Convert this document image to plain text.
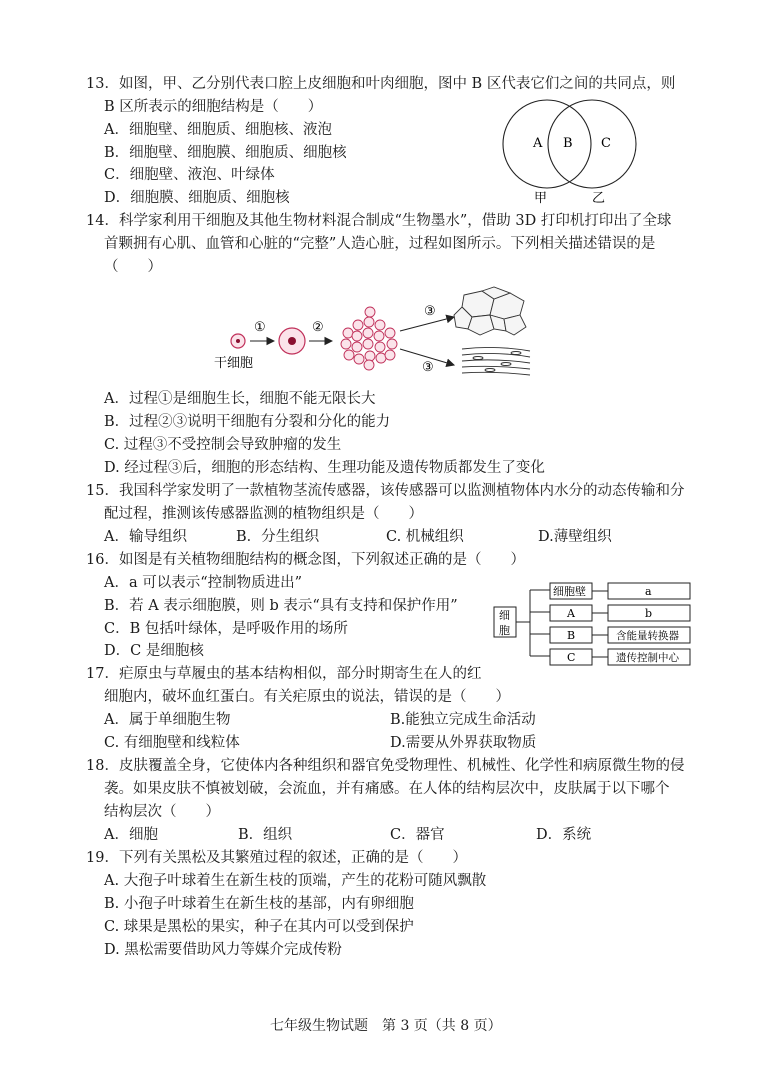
13．如图，甲、乙分别代表口腔上皮细胞和叶肉细胞，图中 B 区代表它们之间的共同点，则
B 区所表示的细胞结构是（　　）
A．细胞壁、细胞质、细胞核、液泡
B．细胞壁、细胞膜、细胞质、细胞核
C．细胞壁、液泡、叶绿体
D．细胞膜、细胞质、细胞核
A B C
甲	乙
14．科学家利用干细胞及其他生物材料混合制成“生物墨水”，借助 3D 打印机打印出了全球
首颗拥有心肌、血管和心脏的“完整”人造心脏，过程如图所示。下列相关描述错误的是
（　　）
干细胞
①	②
③
③
A．过程①是细胞生长，细胞不能无限长大
B．过程②③说明干细胞有分裂和分化的能力
C. 过程③不受控制会导致肿瘤的发生
D. 经过程③后，细胞的形态结构、生理功能及遗传物质都发生了变化
15．我国科学家发明了一款植物茎流传感器，该传感器可以监测植物体内水分的动态传输和分
配过程，推测该传感器监测的植物组织是（　　）
A．输导组织	B．分生组织	C. 机械组织	D.薄壁组织
16．如图是有关植物细胞结构的概念图，下列叙述正确的是（　　）
A．a 可以表示“控制物质进出”
B．若 A 表示细胞膜，则 b 表示“具有支持和保护作用”
C．B 包括叶绿体，是呼吸作用的场所
D．C 是细胞核
细
胞
细胞壁
A
B
C
a
b
含能量转换器
遗传控制中心
17．疟原虫与草履虫的基本结构相似，部分时期寄生在人的红
细胞内，破坏血红蛋白。有关疟原虫的说法，错误的是（　　）
A．属于单细胞生物	B.能独立完成生命活动
C. 有细胞壁和线粒体	D.需要从外界获取物质
18．皮肤覆盖全身，它使体内各种组织和器官免受物理性、机械性、化学性和病原微生物的侵
袭。如果皮肤不慎被划破，会流血，并有痛感。在人体的结构层次中，皮肤属于以下哪个
结构层次（　　）
A．细胞	B．组织	C．器官	D．系统
19．下列有关黑松及其繁殖过程的叙述，正确的是（　　）
A. 大孢子叶球着生在新生枝的顶端，产生的花粉可随风飘散
B. 小孢子叶球着生在新生枝的基部，内有卵细胞
C. 球果是黑松的果实，种子在其内可以受到保护
D. 黑松需要借助风力等媒介完成传粉
七年级生物试题　第 3 页（共 8 页）
